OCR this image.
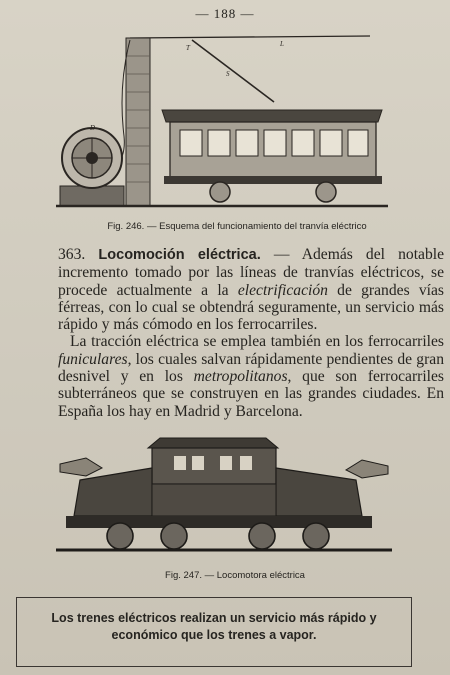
— 188 —
D
L
T
S
Fig. 246. — Esquema del funcionamiento del tranvía eléctrico

363. Locomoción eléctrica. — Además del notable incremento tomado por las líneas de tranvías eléctricos, se procede actualmente a la electrificación de grandes vías férreas, con lo cual se obtendrá seguramente, un servicio más rápido y más cómodo en los ferrocarriles.

La tracción eléctrica se emplea también en los ferrocarriles funiculares, los cuales salvan rápidamente pendientes de gran desnivel y en los metropolitanos, que son ferrocarriles subterráneos que se construyen en las grandes ciudades. En España los hay en Madrid y Barcelona.

Fig. 247. — Locomotora eléctrica
Los trenes eléctricos realizan un servicio más rápido y
económico que los trenes a vapor.
